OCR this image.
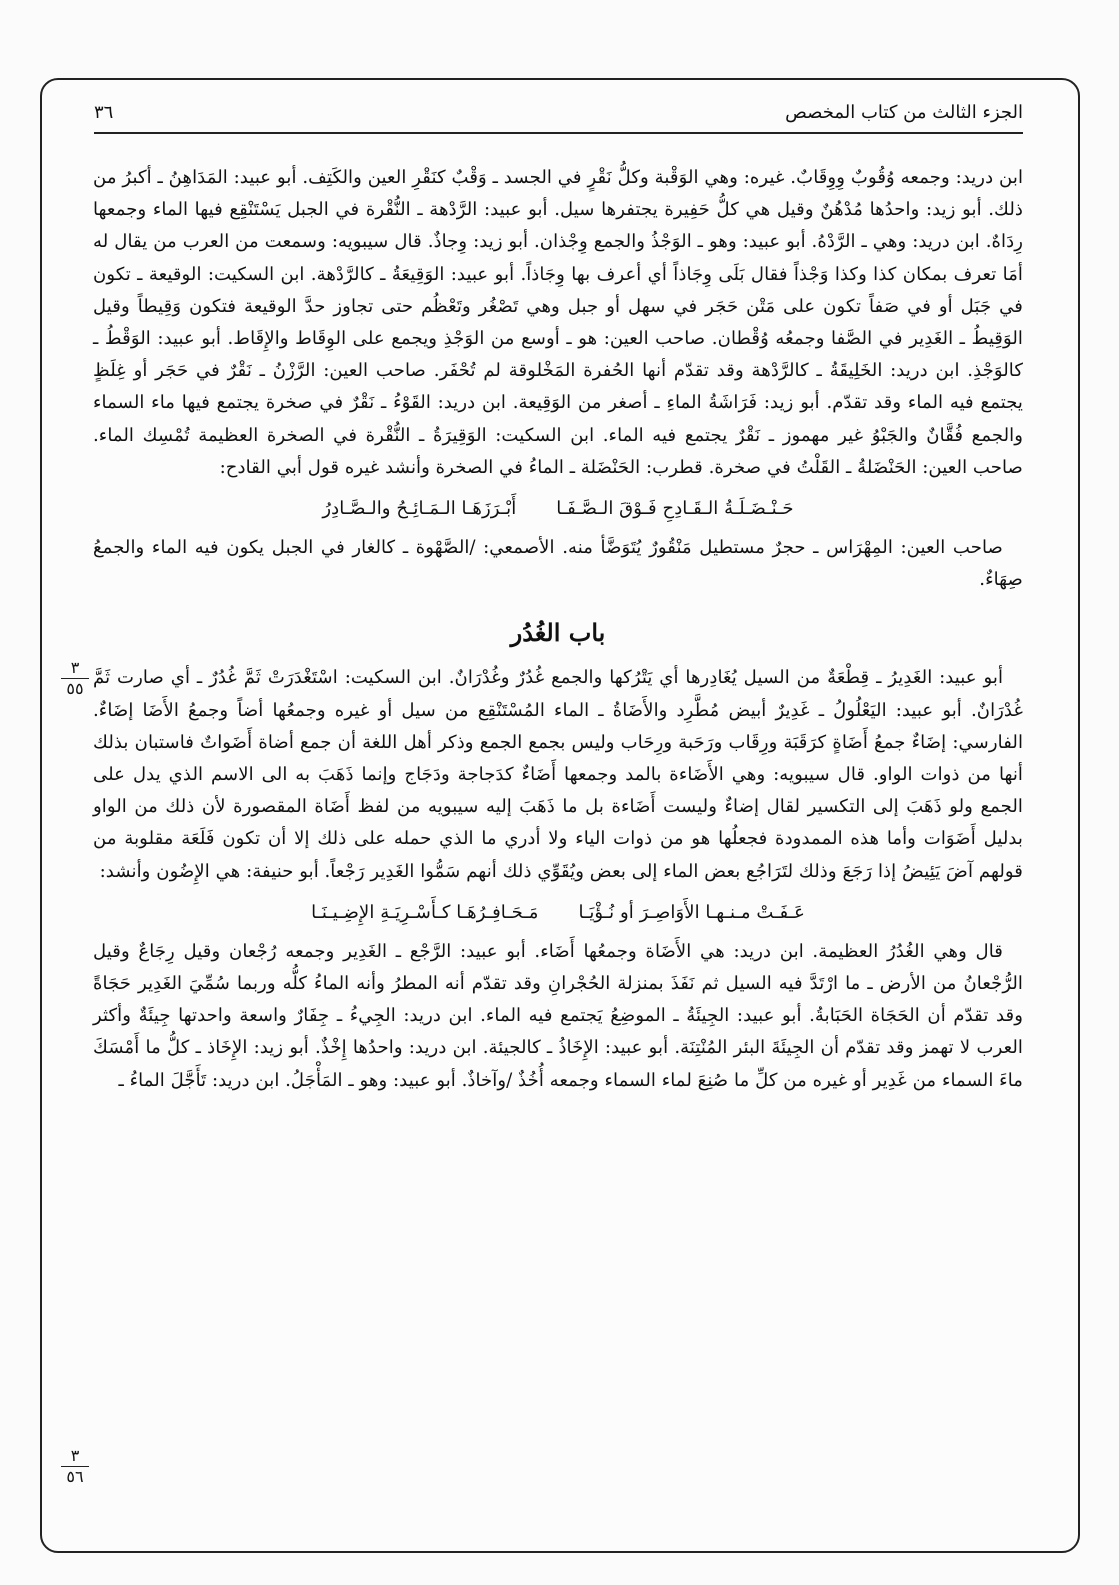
الجزء الثالث من كتاب المخصص
٣٦

ابن دريد: وجمعه وُقُوبٌ وِوِقَابٌ. غيره: وهي الوَقْبة وكلُّ نَقْرٍ في الجسد ـ وَقْبٌ كنَقْرِ العين والكَتِف. أبو عبيد: المَدَاهِنُ ـ أكبرُ من ذلك. أبو زيد: واحدُها مُدْهُنٌ وقيل هي كلُّ حَفِيرة يجتفرها سيل. أبو عبيد: الرَّدْهة ـ النُّقْرة في الجبل يَسْتَنْقِع فيها الماء وجمعها رِدَاهٌ. ابن دريد: وهي ـ الرَّدْهُ. أبو عبيد: وهو ـ الوَجْذُ والجمع وِجْذان. أبو زيد: وِجاذٌ. قال سيبويه: وسمعت من العرب من يقال له أمَا تعرف بمكان كذا وكذا وَجْذاً فقال بَلَى وِجَاذاً أي أعرف بها وِجَاذاً. أبو عبيد: الوَقِيعَةُ ـ كالرَّدْهة. ابن السكيت: الوقيعة ـ تكون في جَبَل أو في صَفاً تكون على مَتْن حَجَر في سهل أو جبل وهي تَصْغُر وتَعْظُم حتى تجاوز حدَّ الوقيعة فتكون وَقِيطاً وقيل الوَقِيطُ ـ الغَدِير في الصَّفا وجمعُه وُقْطان. صاحب العين: هو ـ أوسع من الوَجْذِ ويجمع على الوِقَاط والإِقَاط. أبو عبيد: الوَقْطُ ـ كالوَجْذِ. ابن دريد: الخَلِيقَةُ ـ كالرَّدْهة وقد تقدّم أنها الحُفرة المَخْلوقة لم تُحْفَر. صاحب العين: الرَّزْنُ ـ نَقْرٌ في حَجَر أو غِلَظٍ يجتمع فيه الماء وقد تقدّم. أبو زيد: فَرَاشَةُ الماءِ ـ أصغر من الوَقِيعة. ابن دريد: القَوْءُ ـ نَقْرٌ في صخرة يجتمع فيها ماء السماء والجمع فُقَّانٌ والجَبْوُ غير مهموز ـ نَقْرٌ يجتمع فيه الماء. ابن السكيت: الوَقِيرَةُ ـ النُّقْرة في الصخرة العظيمة تُمْسِك الماء. صاحب العين: الحَنْضَلةُ ـ القَلْتُ في صخرة. قطرب: الحَنْضَلة ـ الماءُ في الصخرة وأنشد غيره قول أبي القادح:

حَـنْـضَـلَـةُ الـقَـادِحِ فَـوْقَ الـصَّـفَـا
أَبْـرَزَهَـا الـمَـائِـحُ والـصَّـادِرُ

صاحب العين: المِهْرَاس ـ حجرٌ مستطيل مَنْقُورٌ يُتَوَضَّأ منه. الأصمعي: /الصَّهْوة ـ كالغار في الجبل يكون فيه الماء والجمعُ صِهَاءٌ.

باب الغُدُر

أبو عبيد: الغَدِيرُ ـ قِطْعَةٌ من السيل يُغَادِرها أي يَتْرُكها والجمع غُدُرٌ وغُدْرَانٌ. ابن السكيت: اسْتَغْدَرَتْ ثَمَّ غُدُرٌ ـ أي صارت ثَمَّ غُدْرَانٌ. أبو عبيد: اليَعْلُولُ ـ غَدِيرٌ أبيض مُطَّرِد والأَضَاةُ ـ الماء المُسْتَنْقِع من سيل أو غيره وجمعُها أضاً وجمعُ الأَضَا إضَاءٌ. الفارسي: إضَاءٌ جمعُ أَضَاةٍ كرَقَبَة ورِقَاب ورَحَبة ورِحَاب وليس بجمع الجمع وذكر أهل اللغة أن جمع أضاة أَضَواتٌ فاستبان بذلك أنها من ذوات الواو. قال سيبويه: وهي الأَضَاءة بالمد وجمعها أَضَاءٌ كدَجاجة ودَجَاج وإنما ذَهَبَ به الى الاسم الذي يدل على الجمع ولو ذَهَبَ إلى التكسير لقال إضاءٌ وليست أَضَاءة بل ما ذَهَبَ إليه سيبويه من لفظ أَضَاة المقصورة لأن ذلك من الواو بدليل أَضَوَات وأما هذه الممدودة فجعلُها هو من ذوات الياء ولا أدري ما الذي حمله على ذلك إلا أن تكون فَلَعَة مقلوبة من قولهم آضَ يَئِيضُ إذا رَجَعَ وذلك لتَرَاجُع بعض الماء إلى بعض ويُقَوِّي ذلك أنهم سَمُّوا الغَدِير رَجْعاً. أبو حنيفة: هي الإِضُون وأنشد:

عَـفَـتْ مـنـهـا الأَوَاصِـرَ أو نُـؤْيَـا
مَـحَـافِـرُهَـا كـأَسْـرِيَـةِ الإِضِـيـنَـا

قال وهي الغُدُرُ العظيمة. ابن دريد: هي الأَضَاة وجمعُها أَضَاء. أبو عبيد: الرَّجْع ـ الغَدِير وجمعه رُجْعان وقيل رِجَاعٌ وقيل الرُّجْعانُ من الأرض ـ ما ارْتَدَّ فيه السيل ثم نَفَذَ بمنزلة الحُجْرانِ وقد تقدّم أنه المطرُ وأنه الماءُ كلُّه وربما سُمِّيَ الغَدِير حَجَاةً وقد تقدّم أن الحَجَاة الحَبَابةُ. أبو عبيد: الجِيئَةُ ـ الموضِعُ يَجتمع فيه الماء. ابن دريد: الجِيءُ ـ جِفَارٌ واسعة واحدتها جِيئَةٌ وأكثر العرب لا تهمز وقد تقدّم أن الجِيئَةَ البئر المُنْتِنَة. أبو عبيد: الإِخَاذُ ـ كالجيئة. ابن دريد: واحدُها إِخْذٌ. أبو زيد: الإِخَاذ ـ كلُّ ما أَمْسَكَ ماءَ السماء من غَدِير أو غيره من كلِّ ما صُنِعَ لماء السماء وجمعه أُخُذٌ /وآخاذٌ. أبو عبيد: وهو ـ المَأْجَلُ. ابن دريد: تَأَجَّلَ الماءُ ـ

٣
٥٥
٣
٥٦
